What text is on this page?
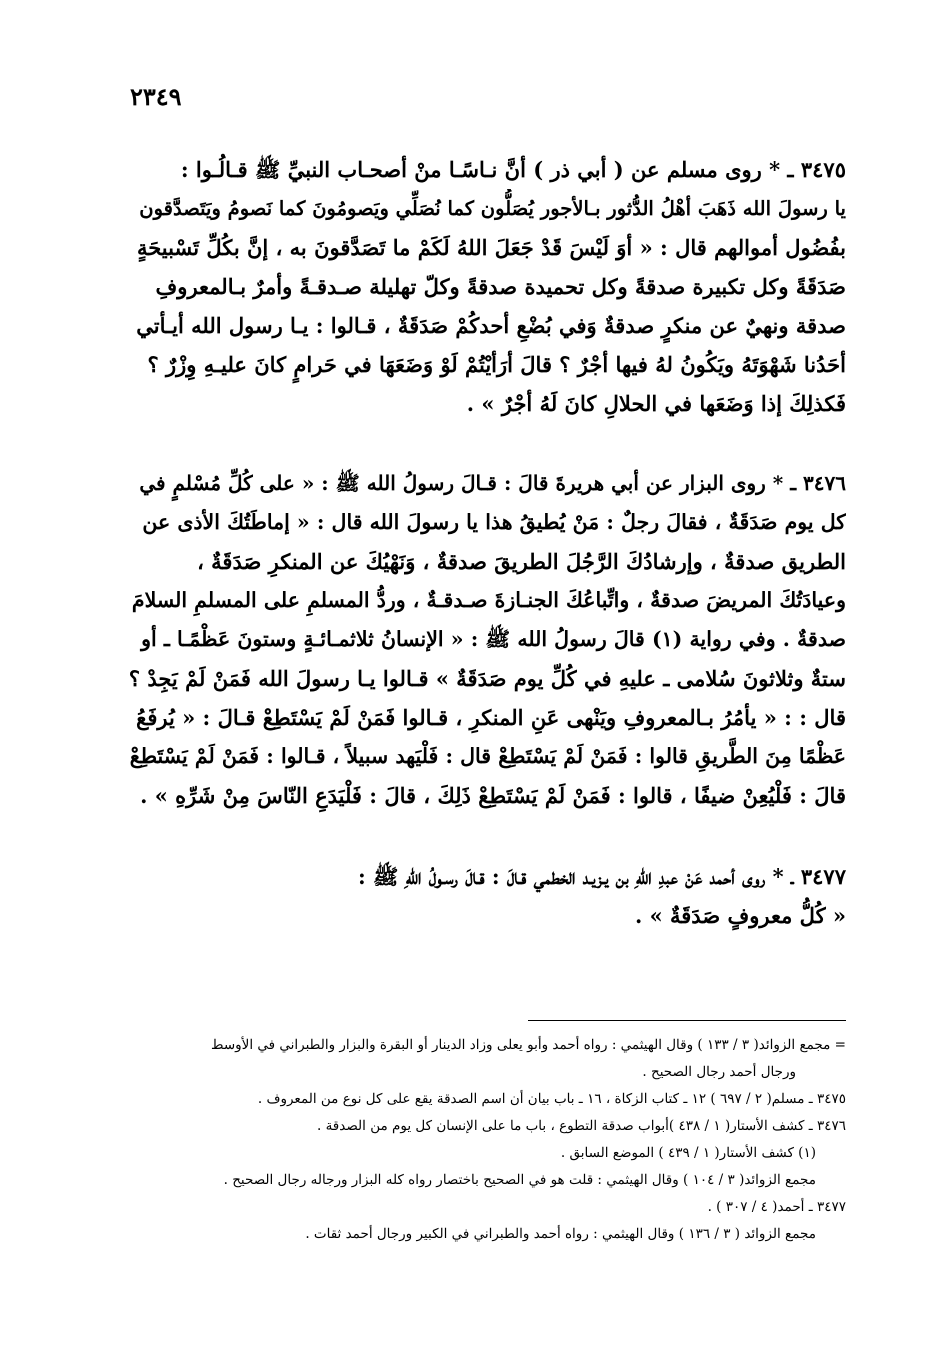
٢٣٤٩
٣٤٧٥ ـ * روى مسلم عن ( أبي ذر ) أنَّ نـاسًـا منْ أصحـاب النبيِّ ﷺ قـالُـوا :
يا رسولَ الله ذَهَبَ أهْلُ الدُّثور بـالأجور يُصَلُّون كما نُصَلِّي ويَصومُونَ كما نَصومُ ويَتَصدَّقون
بفُضُول أموالهم قال : « أوَ لَيْسَ قَدْ جَعَلَ اللهُ لَكَمْ ما تَصَدَّقونَ به ، إنَّ بكُلِّ تَسْبيحَةٍ
صَدَقَةً وكل تكبيرة صدقةً وكل تحميدة صدقةً وكلّ تهليلة صـدقـةً وأمرٌ بـالمعروفِ
صدقة ونهيٌ عن منكرٍ صدقةٌ وَفي بُضْعِ أحدكُمْ صَدَقَةٌ ، قـالوا : يـا رسول الله أيـأتي
أحَدُنا شَهْوَتَهُ ويَكُونُ لهُ فيها أجْرٌ ؟ قالَ أرَأيْتُمْ لَوْ وَضَعَهَا في حَرامٍ كانَ عليـهِ وِزْرٌ ؟
فَكذلِكَ إذا وَضَعَها في الحلالِ كانَ لَهُ أجْرٌ » .
٣٤٧٦ ـ * روى البزار عن أبي هريرةَ قالَ : قـالَ رسولُ الله ﷺ : « على كُلِّ مُسْلمٍ في
كل يوم صَدَقَةٌ ، فقالَ رجلٌ : مَنْ يُطيقُ هذا يا رسولَ الله قال : « إماطَتُكَ الأذى عن
الطريق صدقةٌ ، وإرشادُكَ الرَّجُلَ الطريقَ صدقةٌ ، وَنَهْيُكَ عن المنكرِ صَدَقَةٌ ،
وعيادَتُكَ المريضَ صدقةٌ ، واتِّباعُكَ الجنـازةَ صـدقـةٌ ، وردُّ المسلمِ على المسلمِ السلامَ
صدقةٌ . وفي رواية (١) قالَ رسولُ الله ﷺ : « الإنسانُ ثلاثمـائـةٍ وستونَ عَظْمًـا ـ أو
ستةٌ وثلاثونَ سُلامى ـ عليهِ في كُلِّ يوم صَدَقَةٌ » قـالوا يـا رسولَ الله فَمَنْ لَمْ يَجِدْ ؟
قال : : « يأمُرُ بـالمعروفِ ويَنْهى عَنِ المنكرِ ، قـالوا فَمَنْ لَمْ يَسْتَطِعْ قـالَ : « يُرفَعُ
عَظْمًا مِنَ الطَّريقِ قالوا : فَمَنْ لَمْ يَسْتَطِعْ قال : فَلْيَهد سبيلاً ، قـالوا : فَمَنْ لَمْ يَسْتَطِعْ
قالَ : فَلْيُعِنْ ضيفًا ، قالوا : فَمَنْ لَمْ يَسْتَطِعْ ذَلِكَ ، قالَ : فَلْيَدَعِ النّاسَ مِنْ شَرِّهِ » .
٣٤٧٧ ـ * روى أحمد عَنْ عبدِ اللهِ بن يـزيـد الخطمي قـالَ : قـالَ رسـولُ اللهِ ﷺ :
« كُلُّ معروفٍ صَدَقَةٌ » .
= مجمع الزوائد( ٣ / ١٣٣ ) وقال الهيثمي : رواه أحمد وأبو يعلى وزاد الدينار أو البقرة والبزار والطبراني في الأوسط
ورجال أحمد رجال الصحيح .
٣٤٧٥ ـ مسلم( ٢ / ٦٩٧ ) ١٢ ـ كتاب الزكاة ، ١٦ ـ باب بيان أن اسم الصدقة يقع على كل نوع من المعروف .
٣٤٧٦ ـ كشف الأستار( ١ / ٤٣٨ )أبواب صدقة التطوع ، باب ما على الإنسان كل يوم من الصدقة .
(١) كشف الأستار( ١ / ٤٣٩ ) الموضع السابق .
مجمع الزوائد( ٣ / ١٠٤ ) وقال الهيثمي : قلت هو في الصحيح باختصار رواه كله البزار ورجاله رجال الصحيح .
٣٤٧٧ ـ أحمد( ٤ / ٣٠٧ ) .
مجمع الزوائد ( ٣ / ١٣٦ ) وقال الهيثمي : رواه أحمد والطبراني في الكبير ورجال أحمد ثقات .
